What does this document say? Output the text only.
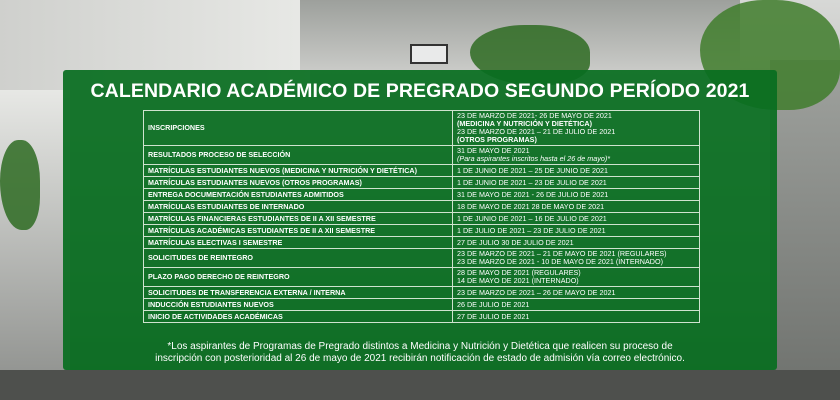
CALENDARIO ACADÉMICO DE PREGRADO SEGUNDO PERÍODO 2021
INSCRIPCIONES	23 DE MARZO DE 2021- 26 DE MAYO DE 2021
(MEDICINA Y NUTRICIÓN Y DIETÉTICA)
23 DE MARZO DE 2021 – 21 DE JULIO DE 2021
(OTROS PROGRAMAS)

RESULTADOS PROCESO DE SELECCIÓN	31 DE MAYO DE 2021
(Para aspirantes inscritos hasta el 26 de mayo)*

MATRÍCULAS ESTUDIANTES NUEVOS (MEDICINA Y NUTRICIÓN Y DIETÉTICA)	1 DE JUNIO DE 2021 – 25 DE JUNIO DE 2021

MATRÍCULAS ESTUDIANTES NUEVOS (OTROS PROGRAMAS)	1 DE JUNIO DE 2021 – 23 DE JULIO DE 2021

ENTREGA DOCUMENTACIÓN ESTUDIANTES ADMITIDOS	31 DE MAYO DE 2021 - 26 DE JULIO DE 2021

MATRÍCULAS ESTUDIANTES DE INTERNADO	18 DE MAYO DE 2021 28 DE MAYO DE 2021

MATRÍCULAS FINANCIERAS ESTUDIANTES DE II A XII SEMESTRE	1 DE JUNIO DE 2021 – 16 DE JULIO DE 2021

MATRÍCULAS ACADÉMICAS ESTUDIANTES DE II A XII SEMESTRE	1 DE JULIO DE 2021 – 23 DE JULIO DE 2021

MATRÍCULAS ELECTIVAS I SEMESTRE	27 DE JULIO 30 DE JULIO DE 2021

SOLICITUDES DE REINTEGRO	23 DE MARZO DE 2021 – 21 DE MAYO DE 2021 (REGULARES)
23 DE MARZO DE 2021 - 10 DE MAYO DE 2021 (INTERNADO)

PLAZO PAGO DERECHO DE REINTEGRO	28 DE MAYO DE 2021 (REGULARES)
14 DE MAYO DE 2021 (INTERNADO)

SOLICITUDES DE TRANSFERENCIA EXTERNA / INTERNA	23 DE MARZO DE 2021 – 26 DE MAYO DE 2021

INDUCCIÓN ESTUDIANTES NUEVOS	26 DE JULIO DE 2021

INICIO DE ACTIVIDADES ACADÉMICAS	27 DE JULIO DE 2021
*Los aspirantes de Programas de Pregrado distintos a Medicina y Nutrición y Dietética que realicen su proceso de
inscripción con posterioridad al 26 de mayo de 2021 recibirán notificación de estado de admisión vía correo electrónico.
